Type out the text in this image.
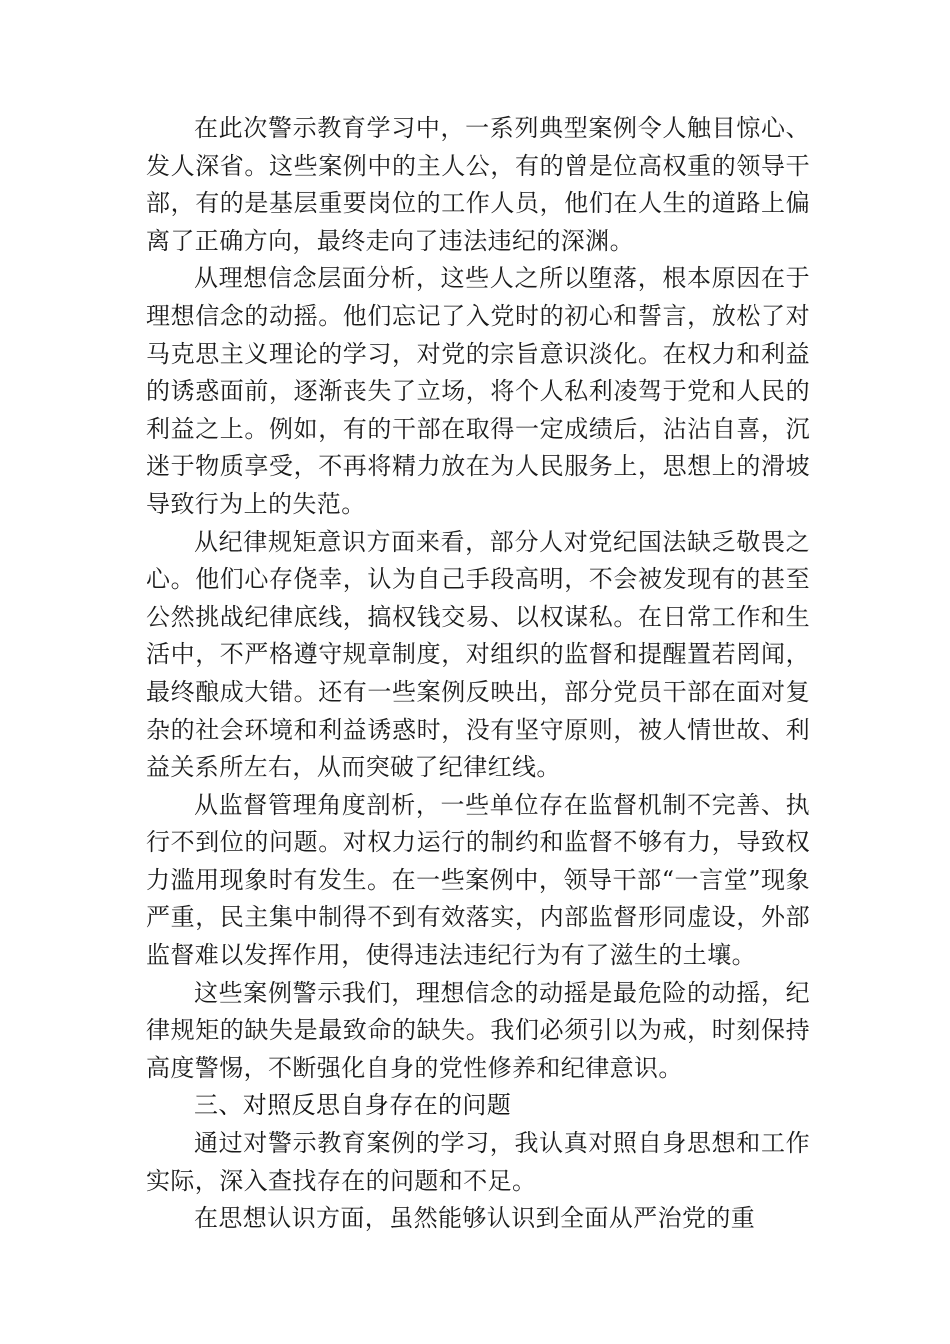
在此次警示教育学习中，一系列典型案例令人触目惊心、发人深省。这些案例中的主人公，有的曾是位高权重的领导干部，有的是基层重要岗位的工作人员，他们在人生的道路上偏离了正确方向，最终走向了违法违纪的深渊。

从理想信念层面分析，这些人之所以堕落，根本原因在于理想信念的动摇。他们忘记了入党时的初心和誓言，放松了对马克思主义理论的学习，对党的宗旨意识淡化。在权力和利益的诱惑面前，逐渐丧失了立场，将个人私利凌驾于党和人民的利益之上。例如，有的干部在取得一定成绩后，沾沾自喜，沉迷于物质享受，不再将精力放在为人民服务上，思想上的滑坡导致行为上的失范。

从纪律规矩意识方面来看，部分人对党纪国法缺乏敬畏之心。他们心存侥幸，认为自己手段高明，不会被发现有的甚至公然挑战纪律底线，搞权钱交易、以权谋私。在日常工作和生活中，不严格遵守规章制度，对组织的监督和提醒置若罔闻，最终酿成大错。还有一些案例反映出，部分党员干部在面对复杂的社会环境和利益诱惑时，没有坚守原则，被人情世故、利益关系所左右，从而突破了纪律红线。

从监督管理角度剖析，一些单位存在监督机制不完善、执行不到位的问题。对权力运行的制约和监督不够有力，导致权力滥用现象时有发生。在一些案例中，领导干部“一言堂”现象严重，民主集中制得不到有效落实，内部监督形同虚设，外部监督难以发挥作用，使得违法违纪行为有了滋生的土壤。

这些案例警示我们，理想信念的动摇是最危险的动摇，纪律规矩的缺失是最致命的缺失。我们必须引以为戒，时刻保持高度警惕，不断强化自身的党性修养和纪律意识。

三、对照反思自身存在的问题

通过对警示教育案例的学习，我认真对照自身思想和工作实际，深入查找存在的问题和不足。

在思想认识方面，虽然能够认识到全面从严治党的重
